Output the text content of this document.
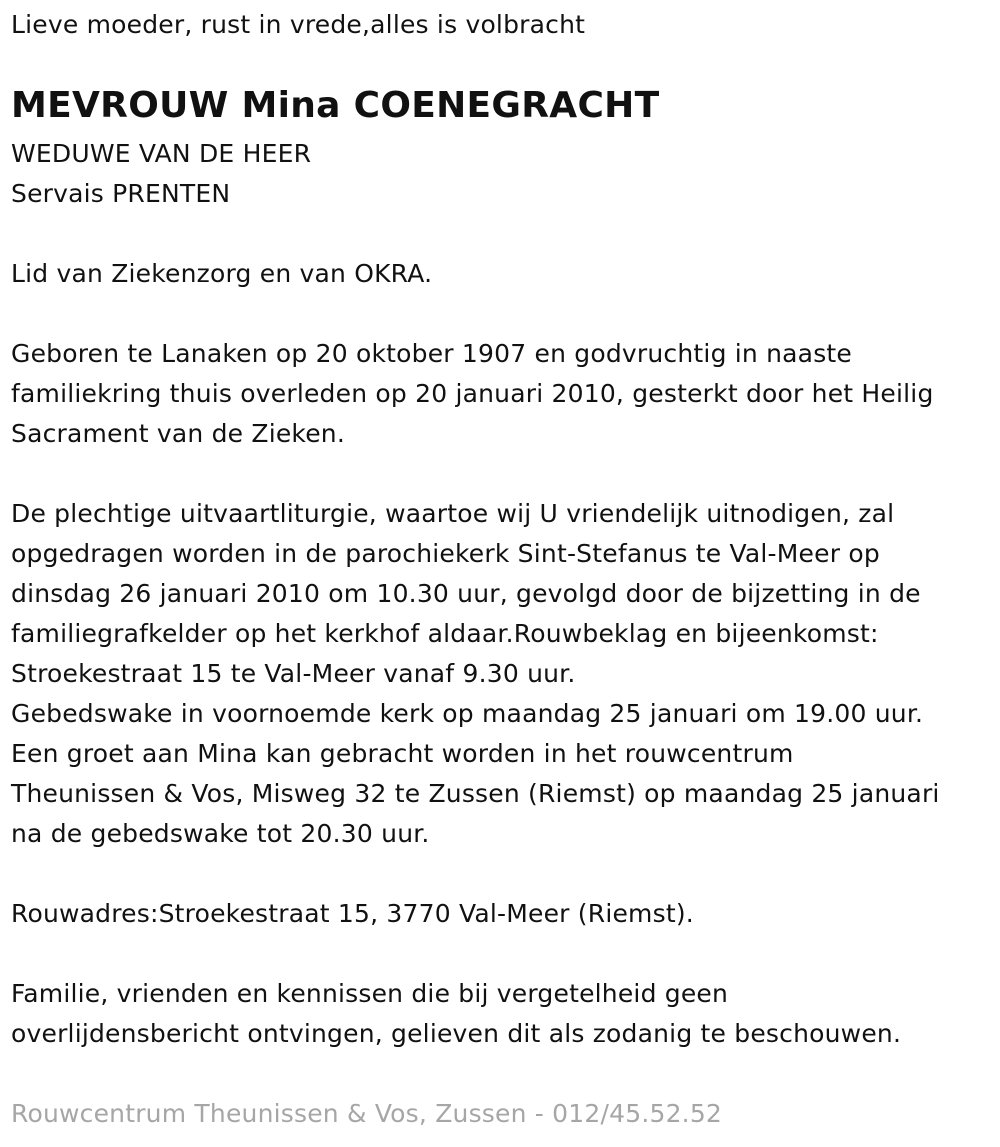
Lieve moeder, rust in vrede,alles is volbracht
MEVROUW Mina COENEGRACHT
WEDUWE VAN DE HEER
Servais PRENTEN
Lid van Ziekenzorg en van OKRA.
Geboren te Lanaken op 20 oktober 1907 en godvruchtig in naaste
familiekring thuis overleden op 20 januari 2010, gesterkt door het Heilig
Sacrament van de Zieken.
De plechtige uitvaartliturgie, waartoe wij U vriendelijk uitnodigen, zal
opgedragen worden in de parochiekerk Sint-Stefanus te Val-Meer op
dinsdag 26 januari 2010 om 10.30 uur, gevolgd door de bijzetting in de
familiegrafkelder op het kerkhof aldaar.Rouwbeklag en bijeenkomst:
Stroekestraat 15 te Val-Meer vanaf 9.30 uur.
Gebedswake in voornoemde kerk op maandag 25 januari om 19.00 uur.
Een groet aan Mina kan gebracht worden in het rouwcentrum
Theunissen & Vos, Misweg 32 te Zussen (Riemst) op maandag 25 januari
na de gebedswake tot 20.30 uur.
Rouwadres:Stroekestraat 15, 3770 Val-Meer (Riemst).
Familie, vrienden en kennissen die bij vergetelheid geen
overlijdensbericht ontvingen, gelieven dit als zodanig te beschouwen.
Rouwcentrum Theunissen & Vos, Zussen - 012/45.52.52
